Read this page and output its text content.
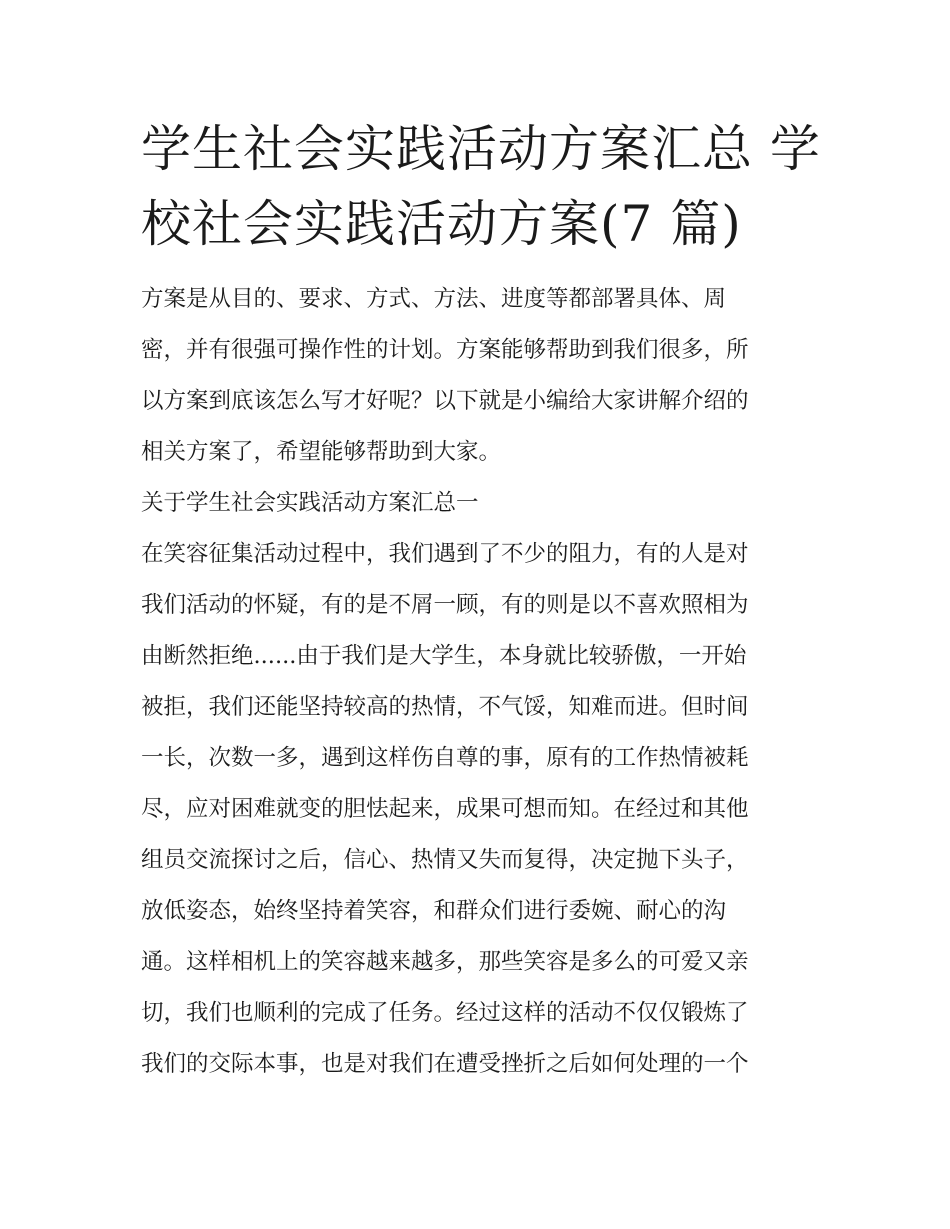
学生社会实践活动方案汇总 学
校社会实践活动方案(7 篇)
方案是从目的、要求、方式、方法、进度等都部署具体、周
密，并有很强可操作性的计划。方案能够帮助到我们很多，所
以方案到底该怎么写才好呢？以下就是小编给大家讲解介绍的
相关方案了，希望能够帮助到大家。
关于学生社会实践活动方案汇总一
在笑容征集活动过程中，我们遇到了不少的阻力，有的人是对
我们活动的怀疑，有的是不屑一顾，有的则是以不喜欢照相为
由断然拒绝......由于我们是大学生，本身就比较骄傲，一开始
被拒，我们还能坚持较高的热情，不气馁，知难而进。但时间
一长，次数一多，遇到这样伤自尊的事，原有的工作热情被耗
尽，应对困难就变的胆怯起来，成果可想而知。在经过和其他
组员交流探讨之后，信心、热情又失而复得，决定抛下头子，
放低姿态，始终坚持着笑容，和群众们进行委婉、耐心的沟
通。这样相机上的笑容越来越多，那些笑容是多么的可爱又亲
切，我们也顺利的完成了任务。经过这样的活动不仅仅锻炼了
我们的交际本事，也是对我们在遭受挫折之后如何处理的一个
